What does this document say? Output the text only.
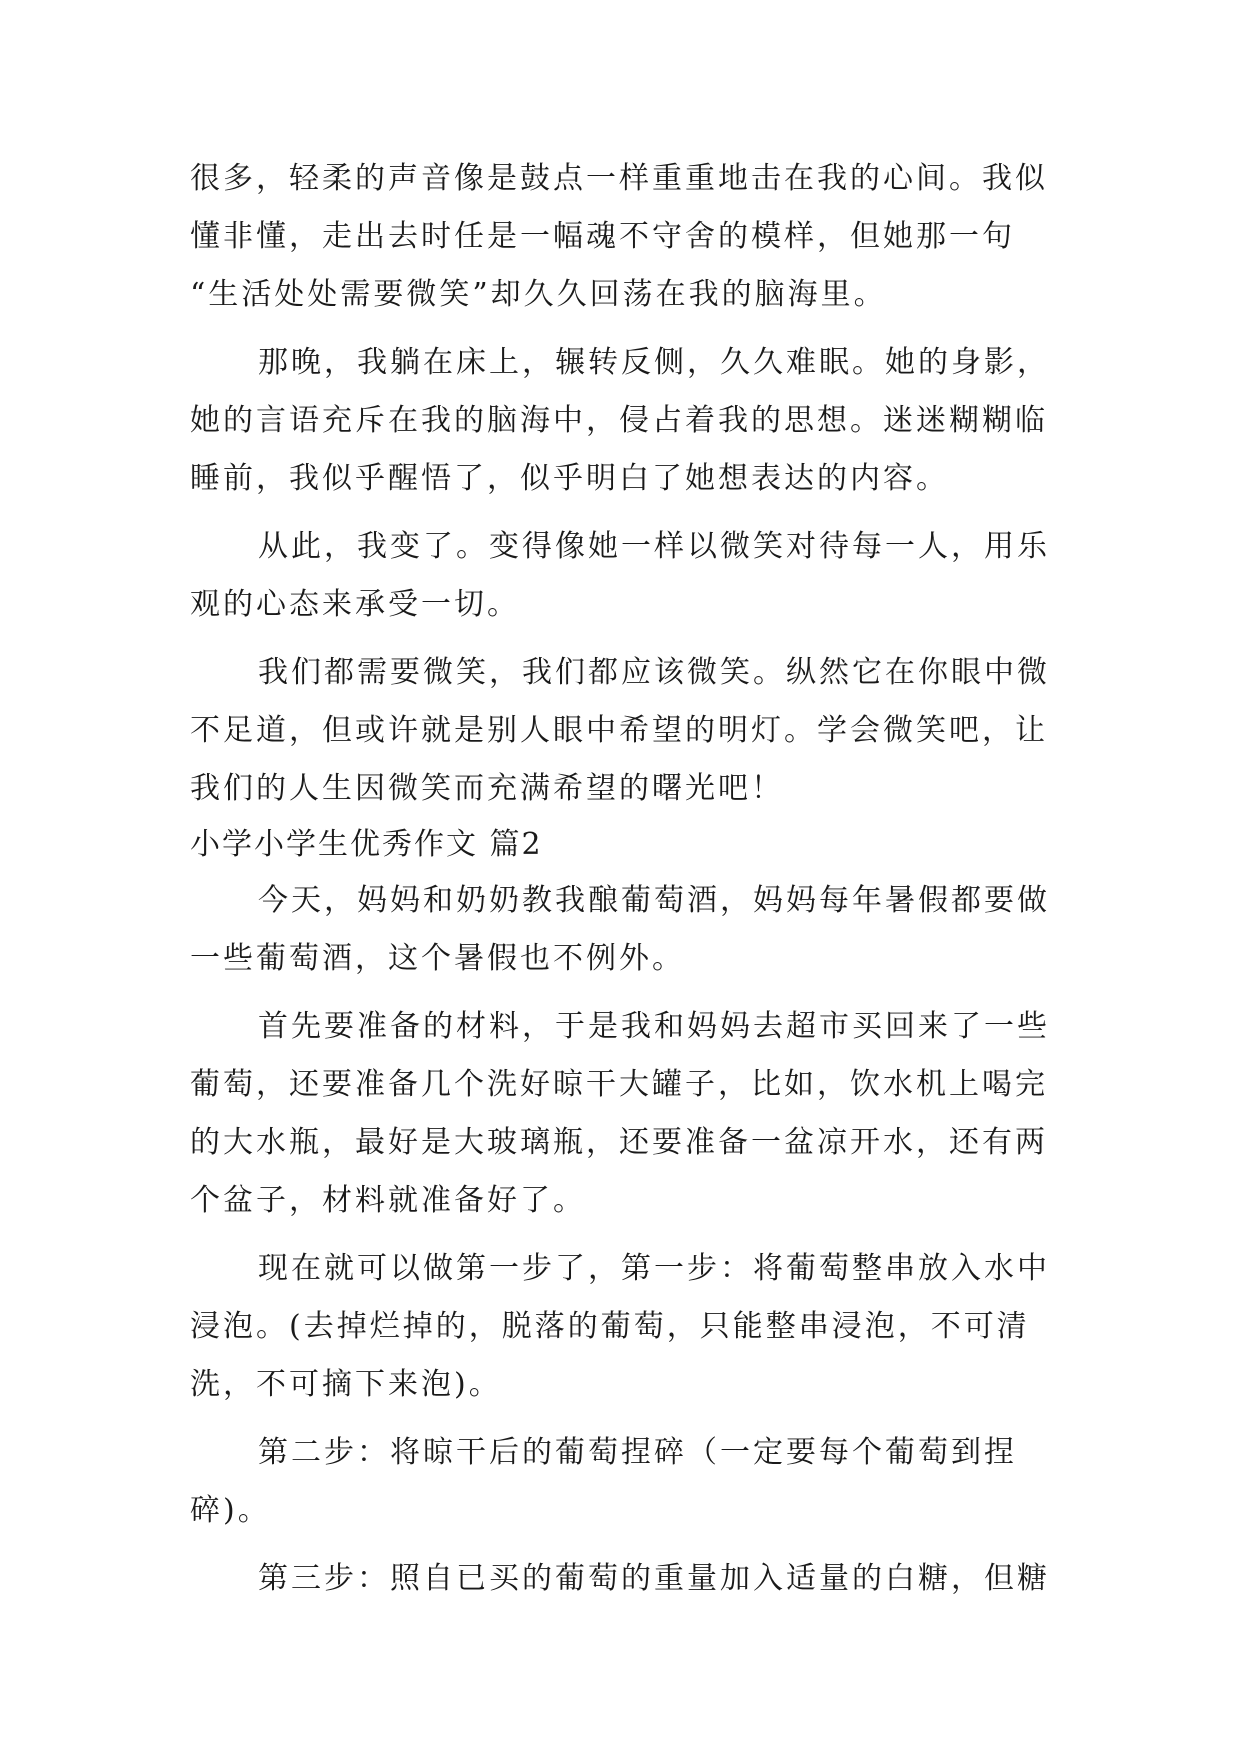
很多，轻柔的声音像是鼓点一样重重地击在我的心间。我似
懂非懂，走出去时任是一幅魂不守舍的模样，但她那一句
“生活处处需要微笑”却久久回荡在我的脑海里。
那晚，我躺在床上，辗转反侧，久久难眠。她的身影，
她的言语充斥在我的脑海中，侵占着我的思想。迷迷糊糊临
睡前，我似乎醒悟了，似乎明白了她想表达的内容。
从此，我变了。变得像她一样以微笑对待每一人，用乐
观的心态来承受一切。
我们都需要微笑，我们都应该微笑。纵然它在你眼中微
不足道，但或许就是别人眼中希望的明灯。学会微笑吧，让
我们的人生因微笑而充满希望的曙光吧！
小学小学生优秀作文 篇2
今天，妈妈和奶奶教我酿葡萄酒，妈妈每年暑假都要做
一些葡萄酒，这个暑假也不例外。
首先要准备的材料，于是我和妈妈去超市买回来了一些
葡萄，还要准备几个洗好晾干大罐子，比如，饮水机上喝完
的大水瓶，最好是大玻璃瓶，还要准备一盆凉开水，还有两
个盆子，材料就准备好了。
现在就可以做第一步了，第一步：将葡萄整串放入水中
浸泡。(去掉烂掉的，脱落的葡萄，只能整串浸泡，不可清
洗，不可摘下来泡)。
第二步：将晾干后的葡萄捏碎（一定要每个葡萄到捏
碎)。
第三步：照自已买的葡萄的重量加入适量的白糖，但糖
